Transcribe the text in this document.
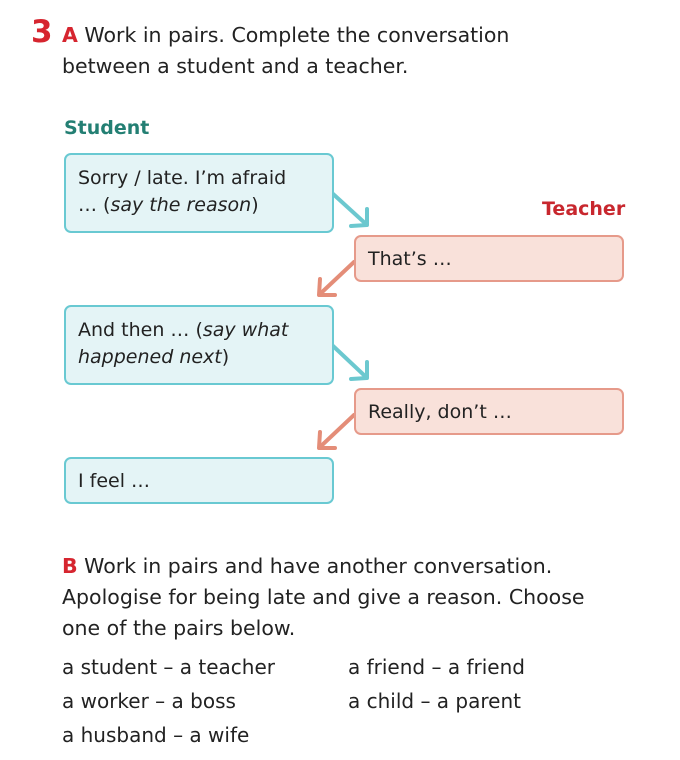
3 A Work in pairs. Complete the conversation
between a student and a teacher.
Student
Teacher
Sorry / late. I’m afraid
… (say the reason)
That’s …
And then … (say what
happened next)
Really, don’t …
I feel …
B Work in pairs and have another conversation.
Apologise for being late and give a reason. Choose
one of the pairs below.
a student – a teacher	a friend – a friend
a worker – a boss	a child – a parent
a husband – a wife
